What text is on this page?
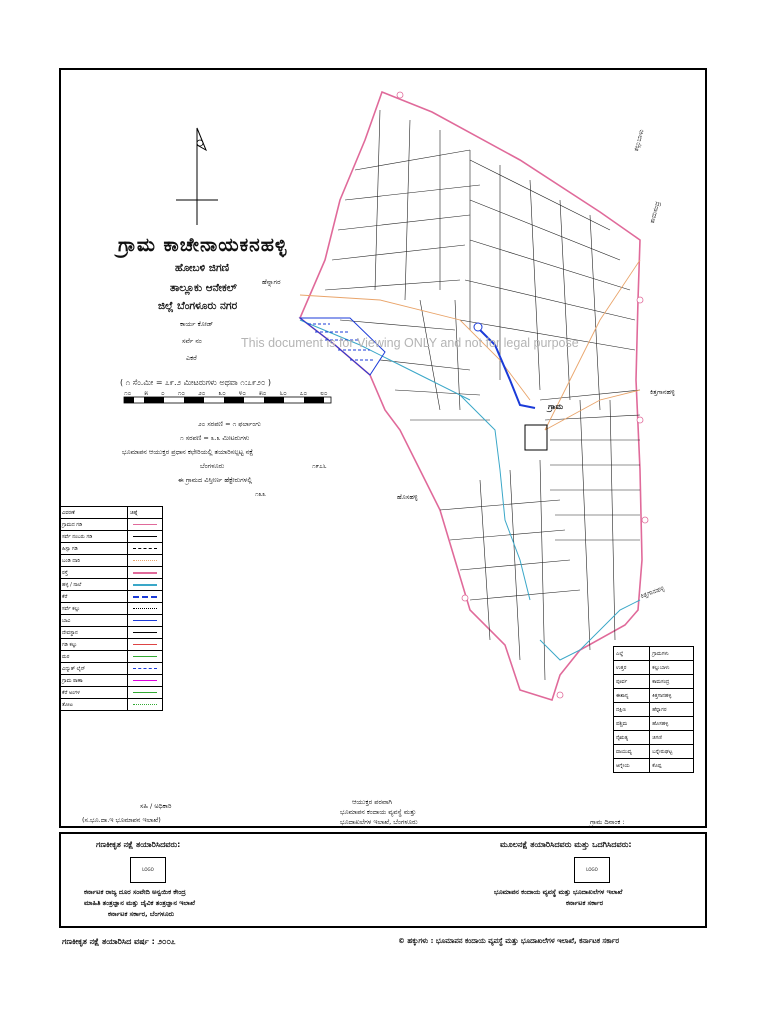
ಗ್ರಾಮ ಕಾಚೇನಾಯಕನಹಳ್ಳಿ
ಹೋಬಳಿ ಜಿಗಣಿ
ತಾಲ್ಲೂಕು ಆನೇಕಲ್
ಜಿಲ್ಲೆ ಬೆಂಗಳೂರು ನಗರ
ಕಾರ್ಯ ಕೋಡ್
ಸರ್ವೆ ನಂ
ಎಕರೆ
This document is for Viewing ONLY and not for legal purpose
( ೧ ಸೆಂ.ಮೀ = ೭೯.೨ ಮೀಟರುಗಳು ಅಥವಾ ೧:೭೯೨೦ )
೧೦ ೫ ೦ ೧೦ ೨೦ ೩೦ ೪೦ ೫೦ ೬೦ ೭೦ ೮೦
೨೦ ಸರಪಣಿ = ೧ ಫರ್ಲಾಂಗು
೧ ಸರಪಣಿ = ೩.೩ ಮೀಟರುಗಳು
ಭೂಮಾಪನ ಆಯುಕ್ತರ ಪ್ರಧಾನ ಕಛೇರಿಯಲ್ಲಿ ತಯಾರಿಸಲ್ಪಟ್ಟ ನಕ್ಷೆ
ಬೆಂಗಳೂರು	೧೯೭೬
ಈ ಗ್ರಾಮದ ವಿಸ್ತೀರ್ಣ ಹೆಕ್ಟೇರುಗಳಲ್ಲಿ
೧೩೩
ಕಲ್ಲುಬಾಳು
ಕಾಮಸಂದ್ರ
ಕಿತ್ತಗಾನಹಳ್ಳಿ
ಹೆನ್ನಾಗರ
ಹೊಸಹಳ್ಳಿ
ಕಿತ್ತಗಾನಹಳ್ಳಿ
ಗ್ರಾಮ
ವಿವರಣೆ	ಚಿಹ್ನೆ
ಗ್ರಾಮದ ಗಡಿ	

ಸರ್ವೆ ನಂಬರು ಗಡಿ	

ಹಿಸ್ಸಾ ಗಡಿ	

ಬಂಡಿ ದಾರಿ	

ರಸ್ತೆ	

ಹಳ್ಳ / ನಾಲೆ	

ಕೆರೆ	

ಸರ್ವೆ ಕಲ್ಲು	

ಬಾವಿ	

ದೇವಸ್ಥಾನ	

ಗಡಿ ಕಲ್ಲು	

ಮರ	

ವಿದ್ಯುತ್ ಲೈನ್	

ಗ್ರಾಮ ಠಾಣಾ	

ಕೆರೆ ಅಂಗಳ	

ತೋಟ	
ಎಲ್ಲೆ	ಗ್ರಾಮಗಳು
ಉತ್ತರ	ಕಲ್ಲುಬಾಳು
ಪೂರ್ವ	ಕಾಮಸಂದ್ರ
ಈಶಾನ್ಯ	ಕಿತ್ತಗಾನಹಳ್ಳಿ
ದಕ್ಷಿಣ	ಹೆನ್ನಾಗರ
ಪಶ್ಚಿಮ	ಹೊಸಹಳ್ಳಿ
ನೈಋತ್ಯ	ಜಿಗಣಿ
ವಾಯುವ್ಯ	ಬನ್ನೇರುಘಟ್ಟ
ಆಗ್ನೇಯ	ಕೊಪ್ಪ
ಸಹಿ / ಅಧಿಕಾರಿ
(ಸ.ಭೂ.ದಾ.ಇ ಭೂಮಾಪನ ಇಲಾಖೆ)
ಆಯುಕ್ತರ ಪರವಾಗಿ
ಭೂಮಾಪನ ಕಂದಾಯ ವ್ಯವಸ್ಥೆ ಮತ್ತು
ಭೂದಾಖಲೆಗಳ ಇಲಾಖೆ, ಬೆಂಗಳೂರು	ಗ್ರಾಮ ದಿನಾಂಕ :
ಗಣಕೀಕೃತ ನಕ್ಷೆ ತಯಾರಿಸಿದವರು:
LOGO
ಕರ್ನಾಟಕ ರಾಜ್ಯ ದೂರ ಸಂವೇದಿ ಅನ್ವಯಿಕ ಕೇಂದ್ರ
ಮಾಹಿತಿ ತಂತ್ರಜ್ಞಾನ ಮತ್ತು ಜೈವಿಕ ತಂತ್ರಜ್ಞಾನ ಇಲಾಖೆ
ಕರ್ನಾಟಕ ಸರ್ಕಾರ, ಬೆಂಗಳೂರು
ಮೂಲನಕ್ಷೆ ತಯಾರಿಸಿದವರು ಮತ್ತು ಒದಗಿಸಿದವರು:
LOGO
ಭೂಮಾಪನ ಕಂದಾಯ ವ್ಯವಸ್ಥೆ ಮತ್ತು ಭೂದಾಖಲೆಗಳ ಇಲಾಖೆ
ಕರ್ನಾಟಕ ಸರ್ಕಾರ
ಗಣಕೀಕೃತ ನಕ್ಷೆ ತಯಾರಿಸಿದ ವರ್ಷ : ೨೦೦೭	© ಹಕ್ಕುಗಳು : ಭೂಮಾಪನ ಕಂದಾಯ ವ್ಯವಸ್ಥೆ ಮತ್ತು ಭೂದಾಖಲೆಗಳ ಇಲಾಖೆ, ಕರ್ನಾಟಕ ಸರ್ಕಾರ
